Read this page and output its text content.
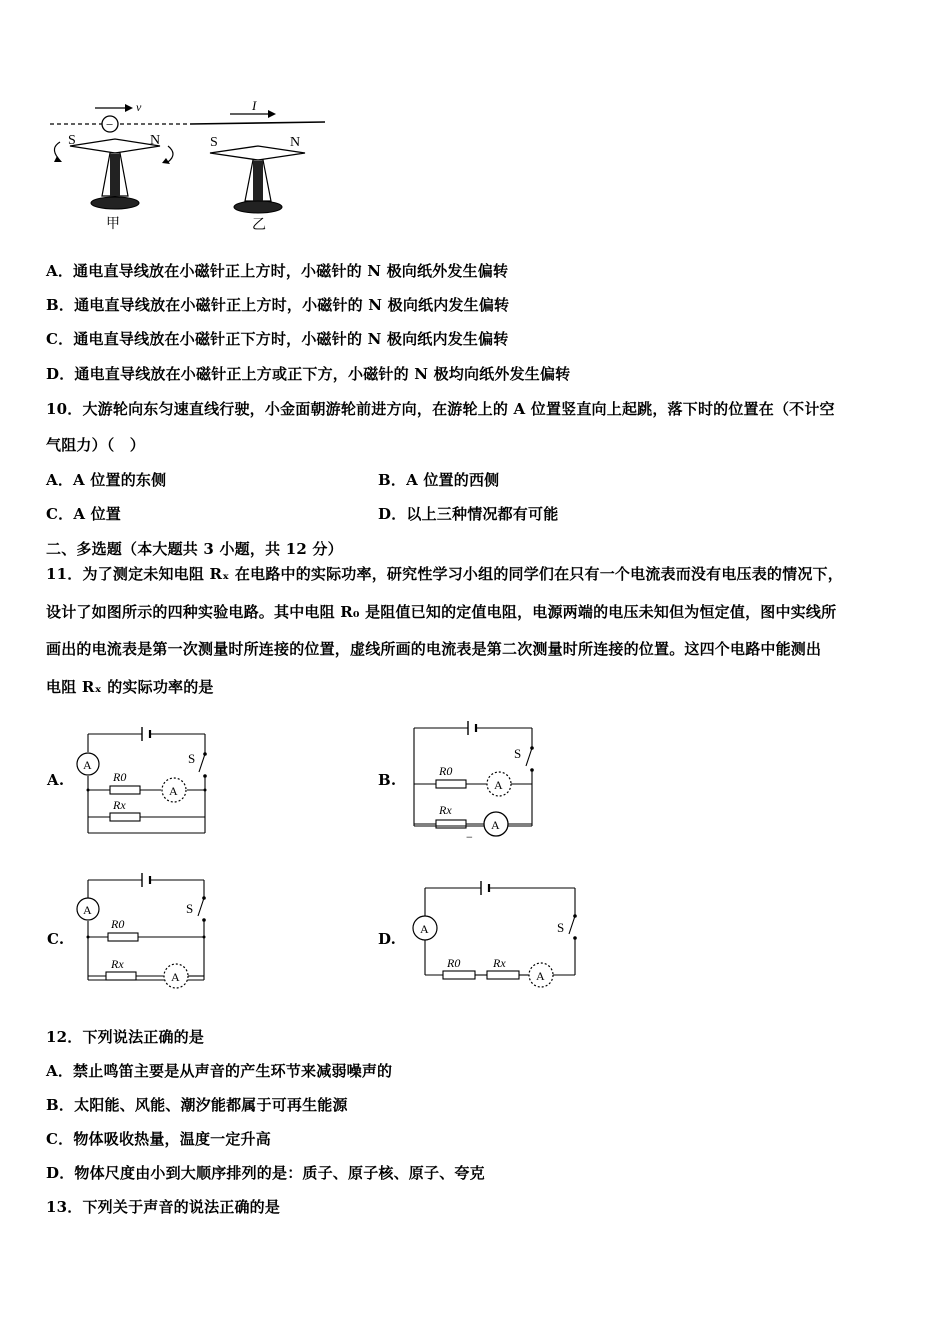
−
v	I
S	N
甲
S	N
乙
A．通电直导线放在小磁针正上方时，小磁针的 N 极向纸外发生偏转
B．通电直导线放在小磁针正上方时，小磁针的 N 极向纸内发生偏转
C．通电直导线放在小磁针正下方时，小磁针的 N 极向纸内发生偏转
D．通电直导线放在小磁针正上方或正下方，小磁针的 N 极均向纸外发生偏转
10．大游轮向东匀速直线行驶，小金面朝游轮前进方向，在游轮上的 A 位置竖直向上起跳，落下时的位置在（不计空
气阻力）（　）
A．A 位置的东侧	B．A 位置的西侧
C．A 位置	D．以上三种情况都有可能
二、多选题（本大题共 3 小题，共 12 分）
11．为了测定未知电阻 Rₓ 在电路中的实际功率，研究性学习小组的同学们在只有一个电流表而没有电压表的情况下，
设计了如图所示的四种实验电路。其中电阻 R₀ 是阻值已知的定值电阻，电源两端的电压未知但为恒定值，图中实线所
画出的电流表是第一次测量时所连接的位置，虚线所画的电流表是第二次测量时所连接的位置。这四个电路中能测出
电阻 Rₓ 的实际功率的是
A.	B.
C.	D.
A
A
S
R0
Rx
A
A
S
R0
Rx
−
A
A
S
R0
Rx
A
A
S
R0	Rx
12．下列说法正确的是
A．禁止鸣笛主要是从声音的产生环节来减弱噪声的
B．太阳能、风能、潮汐能都属于可再生能源
C．物体吸收热量，温度一定升高
D．物体尺度由小到大顺序排列的是：质子、原子核、原子、夸克
13．下列关于声音的说法正确的是
